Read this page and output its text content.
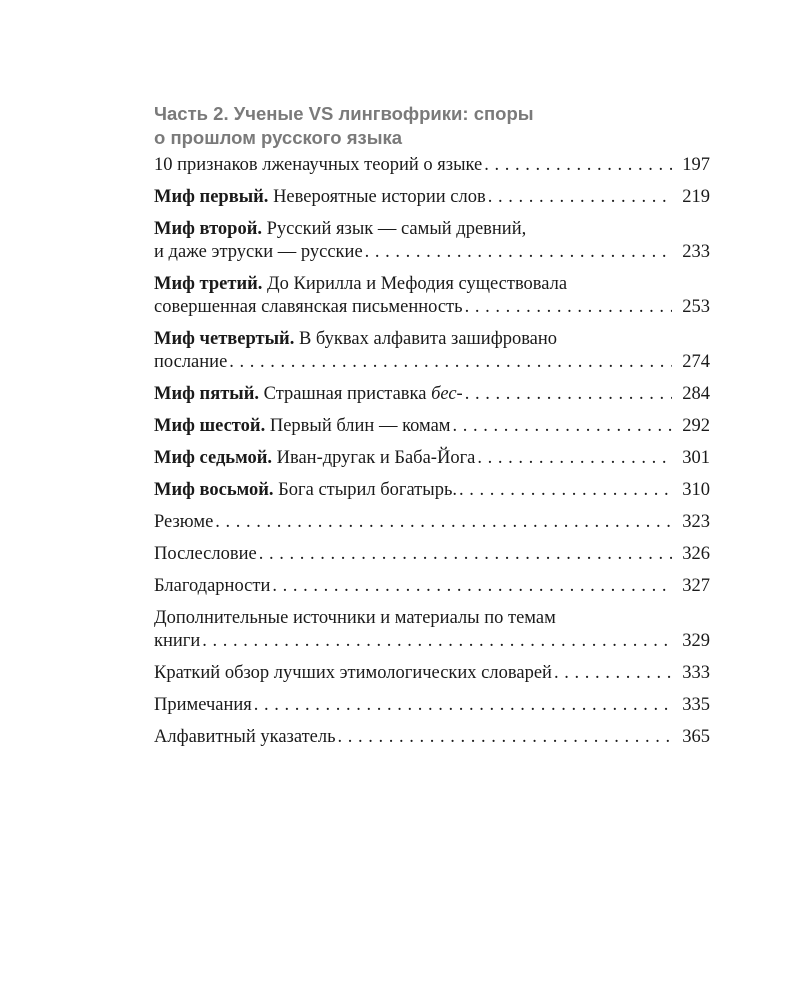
Часть 2. Ученые VS лингвофрики: споры
о прошлом русского языка
10 признаков лженаучных теорий о языке . . .	197
Миф первый. Невероятные истории слов . . .	219
Миф второй. Русский язык — самый древний,
и даже этруски — русские . . .	233
Миф третий. До Кирилла и Мефодия существовала
совершенная славянская письменность . . .	253
Миф четвертый. В буквах алфавита зашифровано
послание . . .	274
Миф пятый. Страшная приставка бес- . . .	284
Миф шестой. Первый блин — комам . . .	292
Миф седьмой. Иван-другак и Баба-Йога . . .	301
Миф восьмой. Бога стырил богатырь. . . .	310
Резюме . . .	323
Послесловие . . .	326
Благодарности . . .	327
Дополнительные источники и материалы по темам
книги . . .	329
Краткий обзор лучших этимологических словарей . . .	333
Примечания . . .	335
Алфавитный указатель . . .	365
